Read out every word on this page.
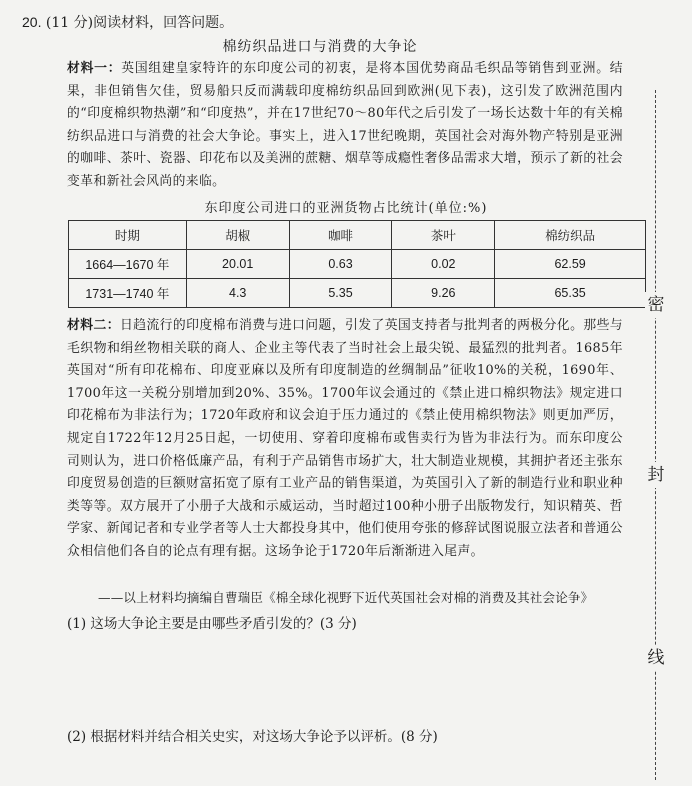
20. (11 分)阅读材料，回答问题。
棉纺织品进口与消费的大争论
材料一：英国组建皇家特许的东印度公司的初衷，是将本国优势商品毛织品等销售到亚洲。结果，非但销售欠佳，贸易船只反而满载印度棉纺织品回到欧洲(见下表)，这引发了欧洲范围内的“印度棉织物热潮”和“印度热”，并在17世纪70～80年代之后引发了一场长达数十年的有关棉纺织品进口与消费的社会大争论。事实上，进入17世纪晚期，英国社会对海外物产特别是亚洲的咖啡、茶叶、瓷器、印花布以及美洲的蔗糖、烟草等成瘾性奢侈品需求大增，预示了新的社会变革和新社会风尚的来临。
东印度公司进口的亚洲货物占比统计(单位:%)
时期	胡椒	咖啡	茶叶	棉纺织品
1664—1670 年	20.01	0.63	0.02	62.59
1731—1740 年	4.3	5.35	9.26	65.35
材料二：日趋流行的印度棉布消费与进口问题，引发了英国支持者与批判者的两极分化。那些与毛织物和绢丝物相关联的商人、企业主等代表了当时社会上最尖锐、最猛烈的批判者。1685年英国对“所有印花棉布、印度亚麻以及所有印度制造的丝绸制品”征收10%的关税，1690年、1700年这一关税分别增加到20%、35%。1700年议会通过的《禁止进口棉织物法》规定进口印花棉布为非法行为；1720年政府和议会迫于压力通过的《禁止使用棉织物法》则更加严厉，规定自1722年12月25日起，一切使用、穿着印度棉布或售卖行为皆为非法行为。而东印度公司则认为，进口价格低廉产品，有利于产品销售市场扩大，壮大制造业规模，其拥护者还主张东印度贸易创造的巨额财富拓宽了原有工业产品的销售渠道，为英国引入了新的制造行业和职业种类等等。双方展开了小册子大战和示威运动，当时超过100种小册子出版物发行，知识精英、哲学家、新闻记者和专业学者等人士大都投身其中，他们使用夸张的修辞试图说服立法者和普通公众相信他们各自的论点有理有据。这场争论于1720年后渐渐进入尾声。
——以上材料均摘编自曹瑞臣《棉全球化视野下近代英国社会对棉的消费及其社会论争》
(1) 这场大争论主要是由哪些矛盾引发的？(3 分)
(2) 根据材料并结合相关史实，对这场大争论予以评析。(8 分)
密
封
线
